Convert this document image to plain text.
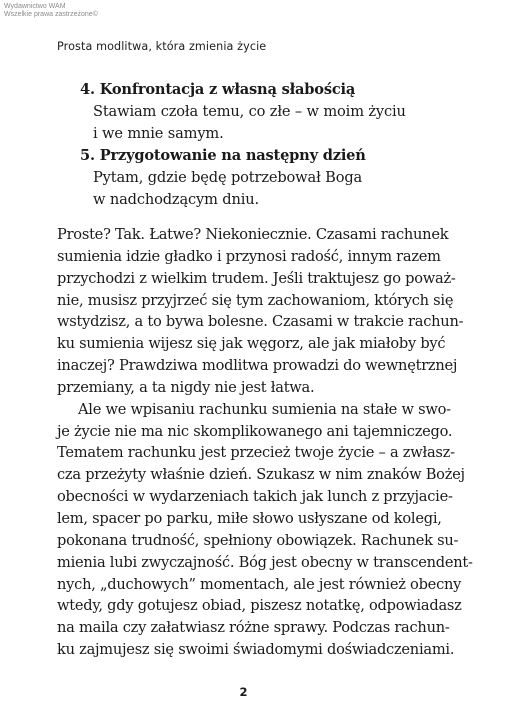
Wydawnictwo WAM
Wszelkie prawa zastrzeżone©
Prosta modlitwa, która zmienia życie
4. Konfrontacja z własną słabością
Stawiam czoła temu, co złe – w moim życiu
i we mnie samym.
5. Przygotowanie na następny dzień
Pytam, gdzie będę potrzebował Boga
w nadchodzącym dniu.
Proste? Tak. Łatwe? Niekoniecznie. Czasami rachunek
sumienia idzie gładko i przynosi radość, innym razem
przychodzi z wielkim trudem. Jeśli traktujesz go poważ-
nie, musisz przyjrzeć się tym zachowaniom, których się
wstydzisz, a to bywa bolesne. Czasami w trakcie rachun-
ku sumienia wijesz się jak węgorz, ale jak miałoby być
inaczej? Prawdziwa modlitwa prowadzi do wewnętrznej
przemiany, a ta nigdy nie jest łatwa.
Ale we wpisaniu rachunku sumienia na stałe w swo-
je życie nie ma nic skomplikowanego ani tajemniczego.
Tematem rachunku jest przecież twoje życie – a zwłasz-
cza przeżyty właśnie dzień. Szukasz w nim znaków Bożej
obecności w wydarzeniach takich jak lunch z przyjacie-
lem, spacer po parku, miłe słowo usłyszane od kolegi,
pokonana trudność, spełniony obowiązek. Rachunek su-
mienia lubi zwyczajność. Bóg jest obecny w transcendent-
nych, „duchowych” momentach, ale jest również obecny
wtedy, gdy gotujesz obiad, piszesz notatkę, odpowiadasz
na maila czy załatwiasz różne sprawy. Podczas rachun-
ku zajmujesz się swoimi świadomymi doświadczeniami.
2
